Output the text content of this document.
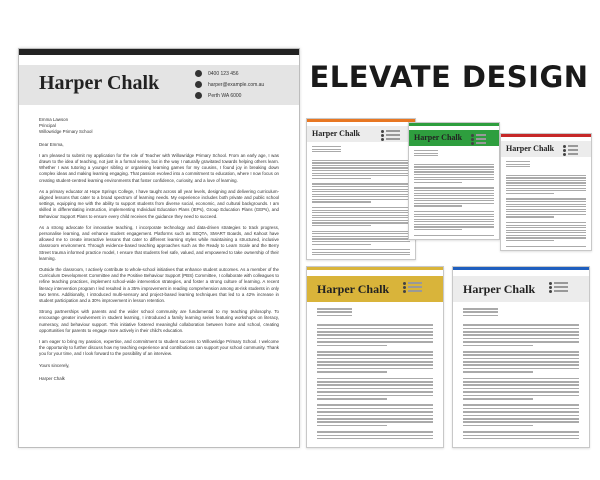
Harper Chalk	0400 123 456
harper@example.com.au
Perth WA 6000
Emma Lawson
Principal
Willowridge Primary School
Dear Emma,

I am pleased to submit my application for the role of Teacher with Willowridge Primary School. From an early age, I was drawn to the idea of teaching, not just in a formal sense, but in the way I naturally gravitated towards helping others learn. Whether I was tutoring a younger sibling or organising learning games for my cousins, I found joy in breaking down complex ideas and making learning engaging. That passion evolved into a commitment to education, where I now focus on creating student-centred learning environments that foster confidence, curiosity, and a love of learning.

As a primary educator at Hope Springs College, I have taught across all year levels, designing and delivering curriculum-aligned lessons that cater to a broad spectrum of learning needs. My experience includes both private and public school settings, equipping me with the ability to support students from diverse social, economic, and cultural backgrounds. I am skilled in differentiating instruction, implementing Individual Education Plans (IEPs), Group Education Plans (GEPs), and Behaviour Support Plans to ensure every child receives the guidance they need to succeed.

As a strong advocate for innovative teaching, I incorporate technology and data-driven strategies to track progress, personalise learning, and enhance student engagement. Platforms such as SEQTA, SMART Boards, and Kahoot have allowed me to create interactive lessons that cater to different learning styles while maintaining a structured, inclusive classroom environment. Through evidence-based teaching approaches such as the Ready to Learn Scale and the Berry Street trauma informed practice model, I ensure that students feel safe, valued, and empowered to take ownership of their learning.

Outside the classroom, I actively contribute to whole-school initiatives that enhance student outcomes. As a member of the Curriculum Development Committee and the Positive Behaviour Support (PBS) Committee, I collaborate with colleagues to refine teaching practices, implement school-wide intervention strategies, and foster a strong culture of learning. A recent literacy intervention program I led resulted in a 35% improvement in reading comprehension among at-risk students in only two terms. Additionally, I introduced multi-sensory and project-based learning techniques that led to a 42% increase in student participation and a 30% improvement in lesson retention.

Strong partnerships with parents and the wider school community are fundamental to my teaching philosophy. To encourage greater involvement in student learning, I introduced a family learning series featuring workshops on literacy, numeracy, and behaviour support. This initiative fostered meaningful collaboration between home and school, creating opportunities for parents to engage more actively in their child's education.

I am eager to bring my passion, expertise, and commitment to student success to Willowridge Primary School. I welcome the opportunity to further discuss how my teaching experience and contributions can support your school community. Thank you for your time, and I look forward to the possibility of an interview.

Yours sincerely,
Harper Chalk
ELEVATE DESIGN
Harper Chalk	Harper Chalk
Harper Chalk
Harper Chalk	Harper Chalk
